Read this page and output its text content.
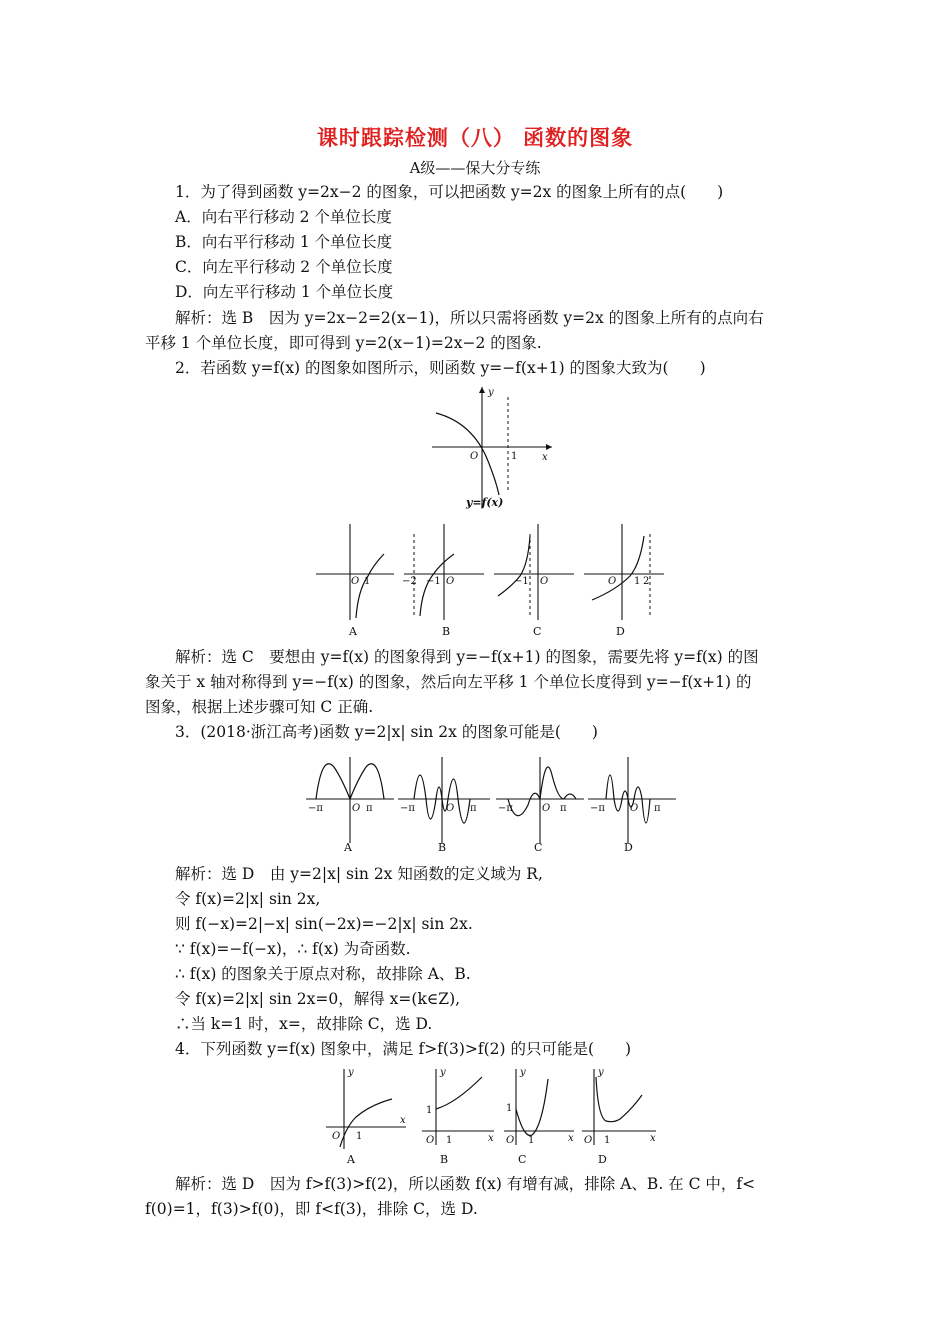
课时跟踪检测（八） 函数的图象
A级——保大分专练
1．为了得到函数 y=2x−2 的图象，可以把函数 y=2x 的图象上所有的点(　　)
A．向右平行移动 2 个单位长度
B．向右平行移动 1 个单位长度
C．向左平行移动 2 个单位长度
D．向左平行移动 1 个单位长度
解析：选 B　因为 y=2x−2=2(x−1)，所以只需将函数 y=2x 的图象上所有的点向右
平移 1 个单位长度，即可得到 y=2(x−1)=2x−2 的图象.
2．若函数 y=f(x) 的图象如图所示，则函数 y=−f(x+1) 的图象大致为(　　)
y
x
O	1
y=f(x)
O 1
A
−2 −1 O
B
−1 O
C
O 1 2
D
解析：选 C　要想由 y=f(x) 的图象得到 y=−f(x+1) 的图象，需要先将 y=f(x) 的图
象关于 x 轴对称得到 y=−f(x) 的图象，然后向左平移 1 个单位长度得到 y=−f(x+1) 的
图象，根据上述步骤可知 C 正确.
3．(2018·浙江高考)函数 y=2|x| sin 2x 的图象可能是(　　)
−π	O π
A
−π	O π
B
−π	O π
C
−π	O π
D
解析：选 D　由 y=2|x| sin 2x 知函数的定义域为 R,
令 f(x)=2|x| sin 2x,
则 f(−x)=2|−x| sin(−2x)=−2|x| sin 2x.
∵ f(x)=−f(−x)，∴ f(x) 为奇函数.
∴ f(x) 的图象关于原点对称，故排除 A、B.
令 f(x)=2|x| sin 2x=0，解得 x=(k∈Z),
∴当 k=1 时，x=，故排除 C，选 D.
4．下列函数 y=f(x) 图象中，满足 f>f(3)>f(2) 的只可能是(　　)
y
x
O 1
A
y
x
1
O 1
B
y
x
1
O 1
C
y
x
O 1
D
解析：选 D　因为 f>f(3)>f(2)，所以函数 f(x) 有增有减，排除 A、B. 在 C 中，f<
f(0)=1，f(3)>f(0)，即 f<f(3)，排除 C，选 D.
